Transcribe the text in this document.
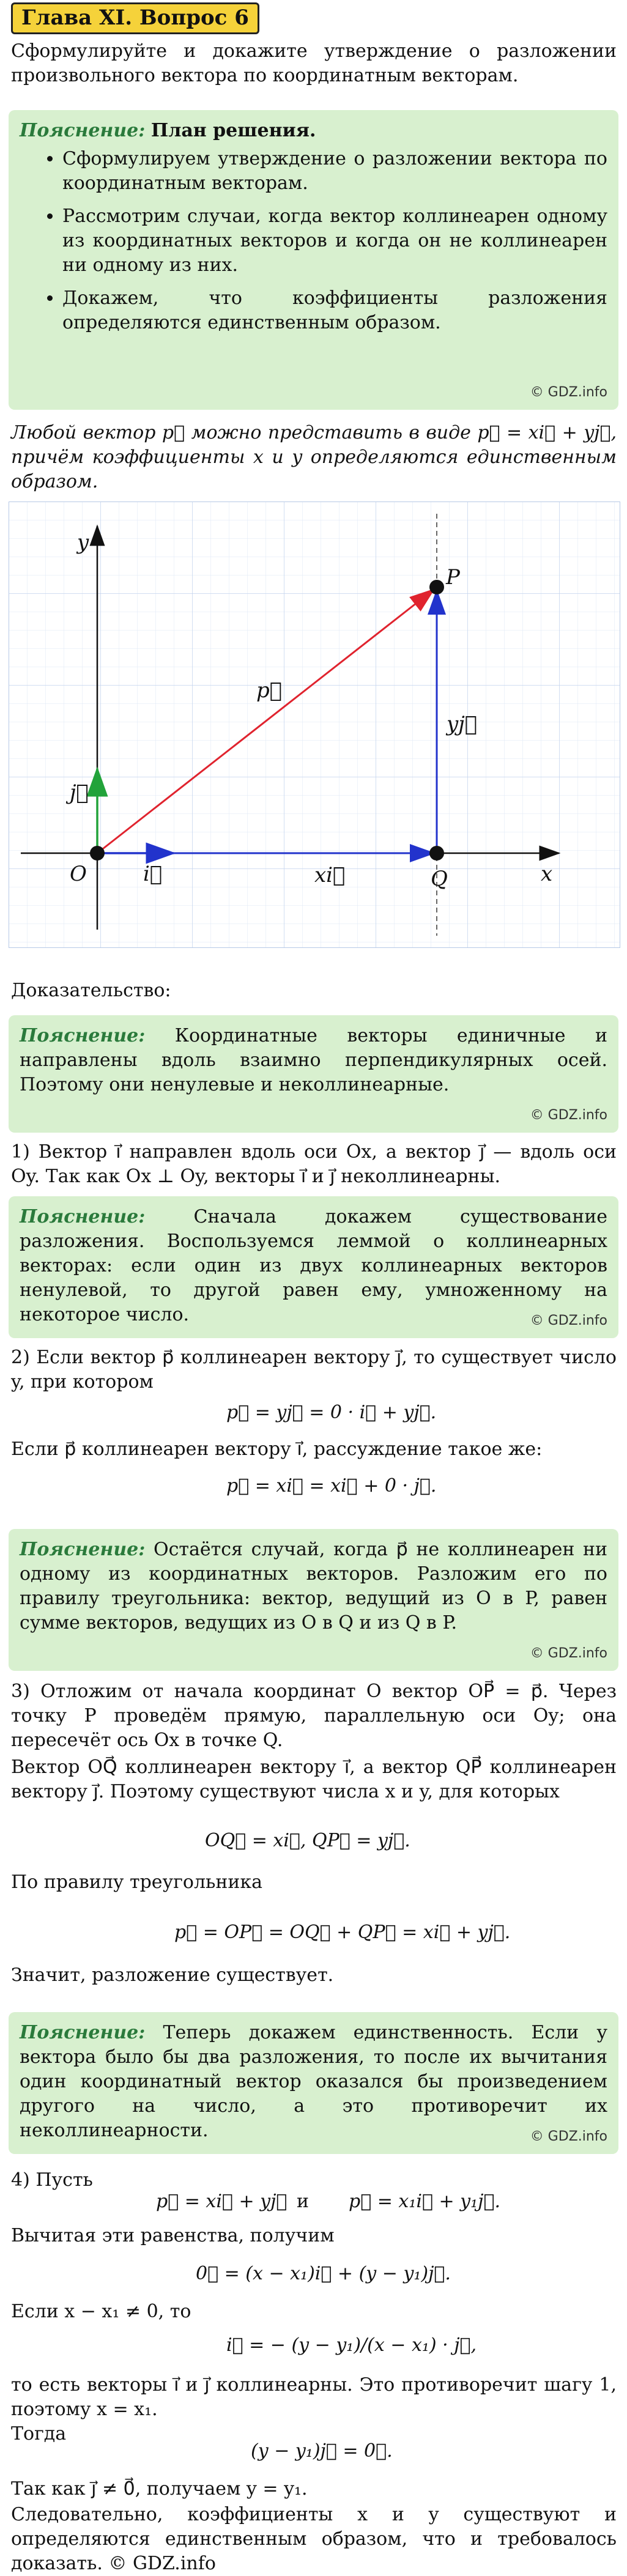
Глава XI. Вопрос 6
Сформулируйте и докажите утверждение о разложении произвольного вектора по координатным векторам.
Пояснение: План решения.
• Сформулируем утверждение о разложении вектора по координатным векторам.
• Рассмотрим случаи, когда вектор коллинеарен одному из координатных векторов и когда он не коллинеарен ни одному из них.
• Докажем, что коэффициенты разложения определяются единственным образом.
© GDZ.info
Любой вектор p⃗ можно представить в виде p⃗ = xi⃗ + yj⃗, причём коэффициенты x и y определяются единственным образом.
y
x
O
P
Q
p⃗
i⃗
j⃗
xi⃗
yj⃗
Доказательство:
Пояснение: Координатные векторы единичные и направлены вдоль взаимно перпендикулярных осей. Поэтому они ненулевые и неколлинеарные.
© GDZ.info
1) Вектор i⃗ направлен вдоль оси Ox, а вектор j⃗ — вдоль оси Oy. Так как Ox ⊥ Oy, векторы i⃗ и j⃗ неколлинеарны.
Пояснение:	Сначала докажем существование разложения. Воспользуемся леммой о коллинеарных векторах: если один из двух коллинеарных векторов ненулевой, то другой равен ему, умноженному на некоторое число.	© GDZ.info
2) Если вектор p⃗ коллинеарен вектору j⃗, то существует число y, при котором
p⃗ = yj⃗ = 0 · i⃗ + yj⃗.
Если p⃗ коллинеарен вектору i⃗, рассуждение такое же:
p⃗ = xi⃗ = xi⃗ + 0 · j⃗.
Пояснение: Остаётся случай, когда p⃗ не коллинеарен ни одному из координатных векторов. Разложим его по правилу треугольника: вектор, ведущий из O в P, равен сумме векторов, ведущих из O в Q и из Q в P.
© GDZ.info
3) Отложим от начала координат O вектор OP⃗ = p⃗. Через точку P проведём прямую, параллельную оси Oy; она пересечёт ось Ox в точке Q.
Вектор OQ⃗ коллинеарен вектору i⃗, а вектор QP⃗ коллинеарен вектору j⃗. Поэтому существуют числа x и y, для которых
OQ⃗ = xi⃗, QP⃗ = yj⃗.
По правилу треугольника
p⃗ = OP⃗ = OQ⃗ + QP⃗ = xi⃗ + yj⃗.
Значит, разложение существует.
Пояснение: Теперь докажем единственность. Если у вектора было бы два разложения, то после их вычитания один координатный вектор оказался бы произведением другого на число, а это противоречит их неколлинеарности.	© GDZ.info
4) Пусть
p⃗ = xi⃗ + yj⃗ и p⃗ = x₁i⃗ + y₁j⃗.
Вычитая эти равенства, получим
0⃗ = (x − x₁)i⃗ + (y − y₁)j⃗.
Если x − x₁ ≠ 0, то
i⃗ = − (y − y₁)/(x − x₁) · j⃗,
то есть векторы i⃗ и j⃗ коллинеарны. Это противоречит шагу 1, поэтому x = x₁.
Тогда
(y − y₁)j⃗ = 0⃗.
Так как j⃗ ≠ 0⃗, получаем y = y₁.
Следовательно, коэффициенты x и y существуют и определяются единственным образом, что и требовалось доказать. © GDZ.info
